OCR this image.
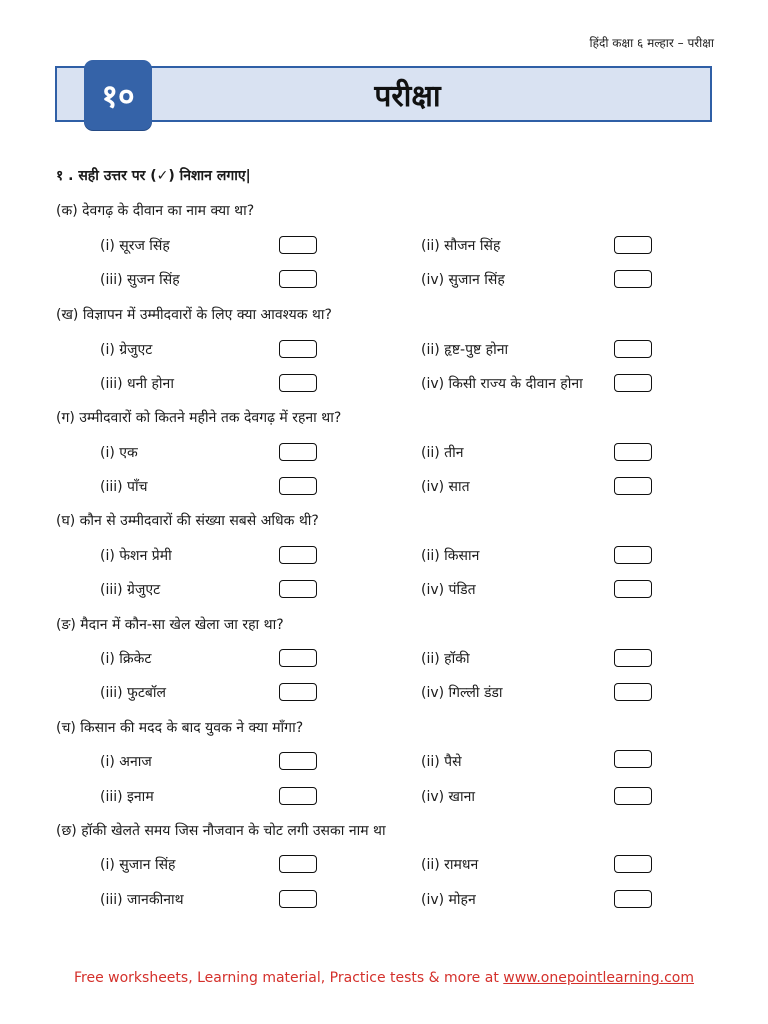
हिंदी कक्षा ६ मल्हार – परीक्षा
परीक्षा
१०
१ . सही उत्तर पर (✓) निशान लगाए|
(क) देवगढ़ के दीवान का नाम क्या था?
(i) सूरज सिंह	(ii) सौजन सिंह
(iii) सुजन सिंह	(iv) सुजान सिंह
(ख) विज्ञापन में उम्मीदवारों के लिए क्या आवश्यक था?
(i) ग्रेजुएट	(ii) हृष्ट-पुष्ट होना
(iii) धनी होना	(iv) किसी राज्य के दीवान होना
(ग) उम्मीदवारों को कितने महीने तक देवगढ़ में रहना था?
(i) एक	(ii) तीन
(iii) पाँच	(iv) सात
(घ) कौन से उम्मीदवारों की संख्या सबसे अधिक थी?
(i) फेशन प्रेमी	(ii) किसान
(iii) ग्रेजुएट	(iv) पंडित
(ङ) मैदान में कौन-सा खेल खेला जा रहा था?
(i) क्रिकेट	(ii) हॉकी
(iii) फुटबॉल	(iv) गिल्ली डंडा
(च) किसान की मदद के बाद युवक ने क्या माँगा?
(i) अनाज	(ii) पैसे
(iii) इनाम	(iv) खाना
(छ) हॉकी खेलते समय जिस नौजवान के चोट लगी उसका नाम था
(i) सुजान सिंह	(ii) रामधन
(iii) जानकीनाथ	(iv) मोहन
Free worksheets, Learning material, Practice tests & more at www.onepointlearning.com
